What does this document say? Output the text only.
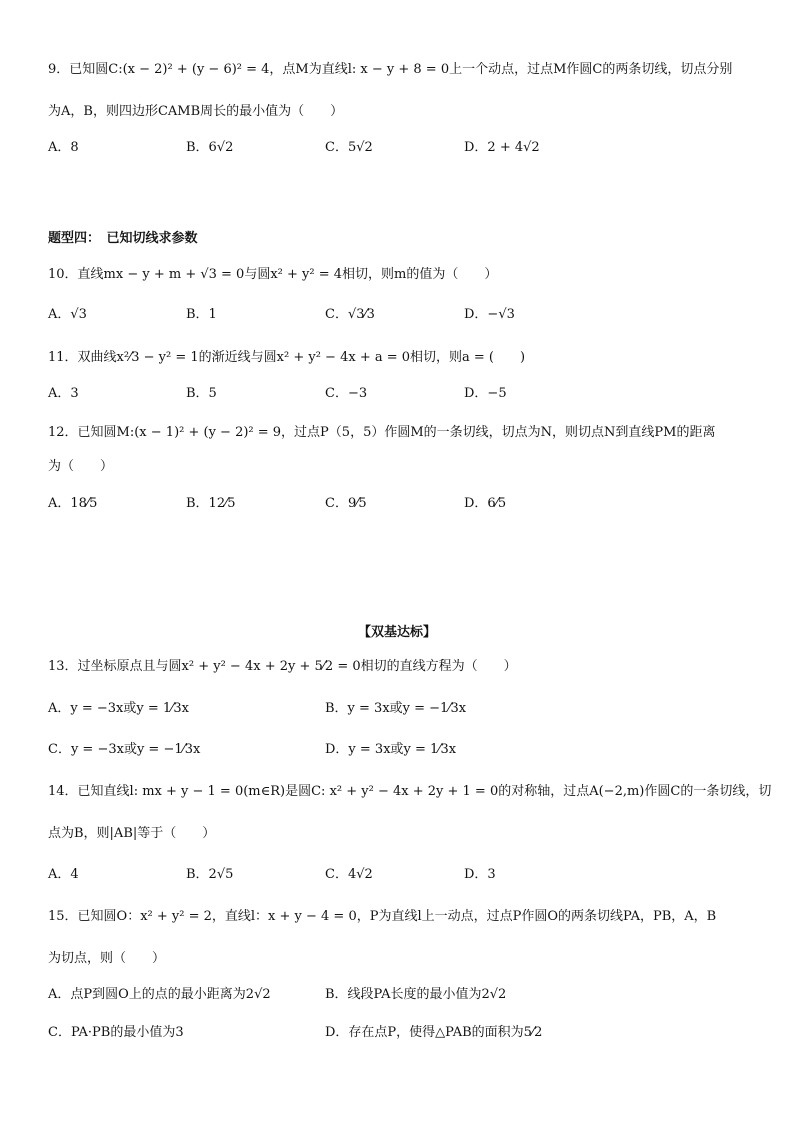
9．已知圆C:(x − 2)² + (y − 6)² = 4，点M为直线l: x − y + 8 = 0上一个动点，过点M作圆C的两条切线，切点分别
为A，B，则四边形CAMB周长的最小值为（　　）
A．8	B．6√2	C．5√2	D．2 + 4√2
题型四：　已知切线求参数
10．直线mx − y + m + √3 = 0与圆x² + y² = 4相切，则m的值为（　　）
A．√3	B．1	C．√3⁄3	D．−√3
11．双曲线x²⁄3 − y² = 1的渐近线与圆x² + y² − 4x + a = 0相切，则a = (　　)
A．3	B．5	C．−3	D．−5
12．已知圆M:(x − 1)² + (y − 2)² = 9，过点P（5，5）作圆M的一条切线，切点为N，则切点N到直线PM的距离
为（　　）
A．18⁄5	B．12⁄5	C．9⁄5	D．6⁄5
【双基达标】
13．过坐标原点且与圆x² + y² − 4x + 2y + 5⁄2 = 0相切的直线方程为（　　）
A．y = −3x或y = 1⁄3x	B．y = 3x或y = −1⁄3x
C．y = −3x或y = −1⁄3x	D．y = 3x或y = 1⁄3x
14．已知直线l: mx + y − 1 = 0(m∈R)是圆C: x² + y² − 4x + 2y + 1 = 0的对称轴，过点A(−2,m)作圆C的一条切线，切
点为B，则|AB|等于（　　）
A．4	B．2√5	C．4√2	D．3
15．已知圆O：x² + y² = 2，直线l：x + y − 4 = 0，P为直线l上一动点，过点P作圆O的两条切线PA，PB，A，B
为切点，则（　　）
A．点P到圆O上的点的最小距离为2√2	B．线段PA长度的最小值为2√2
C．PA·PB的最小值为3	D．存在点P，使得△PAB的面积为5⁄2
